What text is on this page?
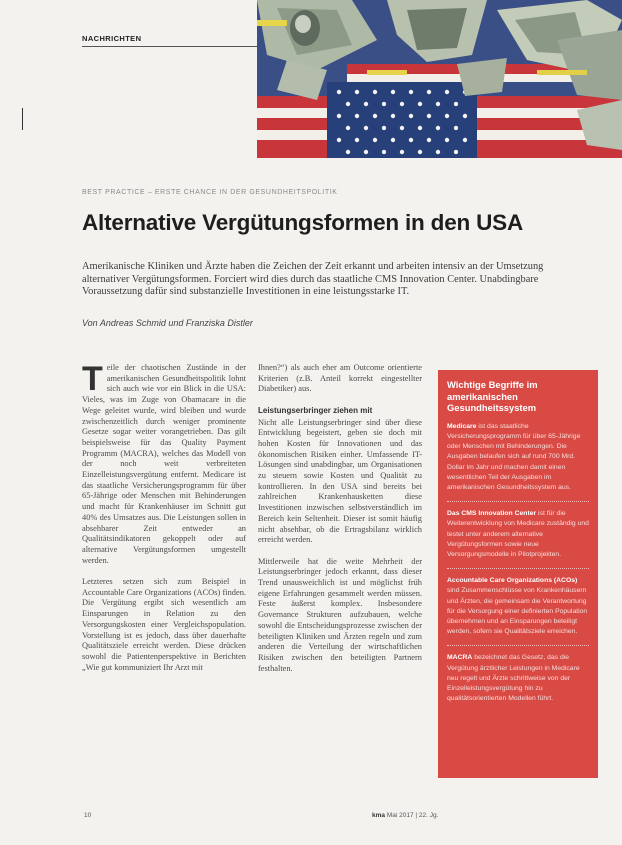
NACHRICHTEN
BEST PRACTICE – ERSTE CHANCE IN DER GESUNDHEITSPOLITIK
Alternative Vergütungsformen in den USA
Amerikanische Kliniken und Ärzte haben die Zeichen der Zeit erkannt und arbeiten intensiv an der Umsetzung alternativer Vergütungsformen. Forciert wird dies durch das staatliche CMS Innovation Center. Unabdingbare Voraussetzung dafür sind substanzielle Investitionen in eine leistungsstarke IT.
Von Andreas Schmid und Franziska Distler

Teile der chaotischen Zustände in der amerikanischen Gesundheitspolitik lohnt sich auch wie vor ein Blick in die USA: Vieles, was im Zuge von Obamacare in die Wege geleitet wurde, wird bleiben und wurde zwischenzeitlich durch weniger prominente Gesetze sogar weiter vorangetrieben. Das gilt beispielsweise für das Quality Payment Programm (MACRA), welches das Modell von der noch weit verbreiteten Einzelleistungsvergütung entfernt. Medicare ist das staatliche Versicherungsprogramm für über 65-Jährige oder Menschen mit Behinderungen und macht für Krankenhäuser im Schnitt gut 40% des Umsatzes aus. Die Leistungen sollen in absehbarer Zeit entweder an Qualitätsindikatoren gekoppelt oder auf alternative Vergütungsformen umgestellt werden.

Letzteres setzen sich zum Beispiel in Accountable Care Organizations (ACOs) finden. Die Vergütung ergibt sich wesentlich am Einsparungen in Relation zu den Versorgungskosten einer Vergleichspopulation. Vorstellung ist es jedoch, dass über dauerhafte Qualitätsziele erreicht werden. Diese drücken sowohl die Patientenperspektive in Berichten „Wie gut kommuniziert Ihr Arzt mit

Ihnen?“) als auch eher am Outcome orientierte Kriterien (z.B. Anteil korrekt eingestellter Diabetiker) aus.

Leistungserbringer ziehen mit

Nicht alle Leistungserbringer sind über diese Entwicklung begeistert, geben sie doch mit hohen Kosten für Innovationen und das ökonomischen Risiken einher. Umfassende IT-Lösungen sind unabdingbar, um Organisationen zu steuern sowie Kosten und Qualität zu kontrollieren. In den USA sind bereits bei zahlreichen Krankenhausketten diese Investitionen inzwischen selbstverständlich im Bereich kein Seltenheit. Dieser ist somit häufig nicht absehbar, ob die Ertragsbilanz wirklich erreicht werden.

Mittlerweile hat die weite Mehrheit der Leistungserbringer jedoch erkannt, dass dieser Trend unausweichlich ist und möglichst früh eigene Erfahrungen gesammelt werden müssen. Feste äußerst komplex. Insbesondere Governance Strukturen aufzubauen, welche sowohl die Entscheidungsprozesse zwischen der beteiligten Kliniken und Ärzten regeln und zum anderen die Verteilung der wirtschaftlichen Risiken zwischen den beteiligten Partnern festhalten.

Wichtige Begriffe im amerikanischen Gesundheitssystem

Medicare ist das staatliche Versicherungsprogramm für über 65-Jährige oder Menschen mit Behinderungen. Die Ausgaben belaufen sich auf rund 700 Mrd. Dollar im Jahr und machen damit einen wesentlichen Teil der Ausgaben im amerikanischen Gesundheitssystem aus.

Das CMS Innovation Center ist für die Weiterentwicklung von Medicare zuständig und testet unter anderem alternative Vergütungsformen sowie neue Versorgungsmodelle in Pilotprojekten.

Accountable Care Organizations (ACOs) sind Zusammenschlüsse von Krankenhäusern und Ärzten, die gemeinsam die Verantwortung für die Versorgung einer definierten Population übernehmen und an Einsparungen beteiligt werden, sofern sie Qualitätsziele erreichen.

MACRA bezeichnet das Gesetz, das die Vergütung ärztlicher Leistungen in Medicare neu regelt und Ärzte schrittweise von der Einzelleistungsvergütung hin zu qualitätsorientierten Modellen führt.

10	kma Mai 2017 | 22. Jg.
